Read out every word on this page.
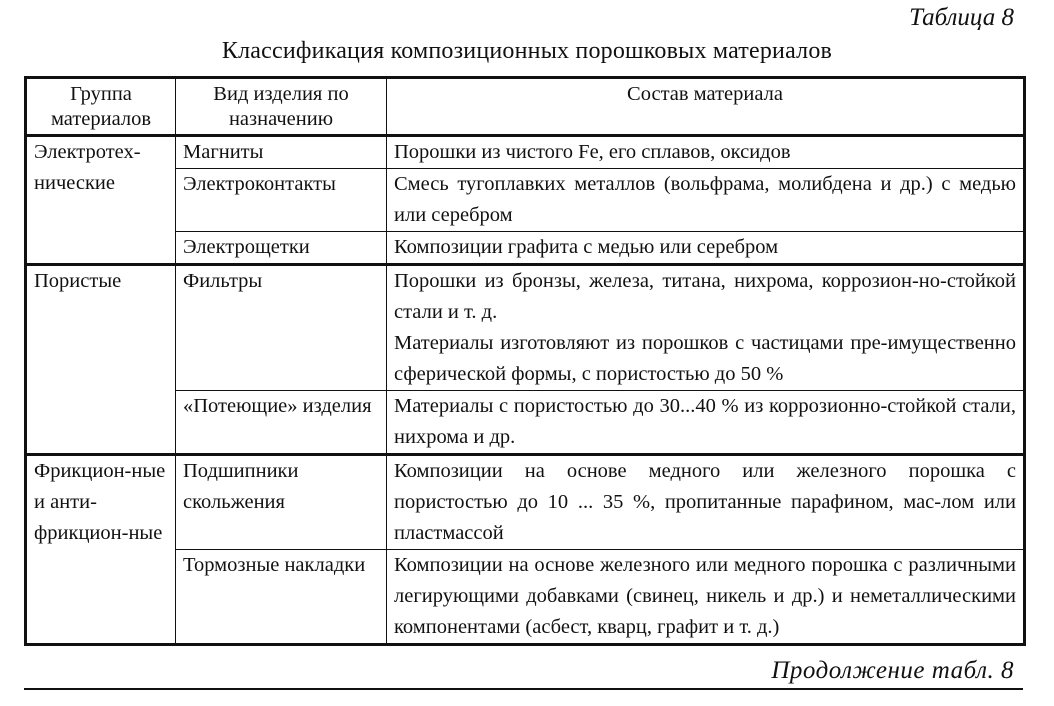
Таблица 8
Классификация композиционных порошковых материалов
Группа материалов	Вид изделия по назначению	Состав материала
Электротех-нические	Магниты	Порошки из чистого Fe, его сплавов, оксидов
	Электроконтакты	Смесь тугоплавких металлов (вольфрама, молибдена и др.) с медью или серебром
	Электрощетки	Композиции графита с медью или серебром
Пористые	Фильтры	Порошки из бронзы, железа, титана, нихрома, коррозион-но-стойкой стали и т. д.
Материалы изготовляют из порошков с частицами пре-имущественно сферической формы, с пористостью до 50 %

	«Потеющие» изделия	Материалы с пористостью до 30...40 % из коррозионно-стойкой стали, нихрома и др.
Фрикцион-ные и анти-фрикцион-ные	Подшипники скольжения	Композиции на основе медного или железного порошка с пористостью до 10 ... 35 %, пропитанные парафином, мас-лом или пластмассой
	Тормозные накладки	Композиции на основе железного или медного порошка с различными легирующими добавками (свинец, никель и др.) и неметаллическими компонентами (асбест, кварц, графит и т. д.)
Продолжение табл. 8
